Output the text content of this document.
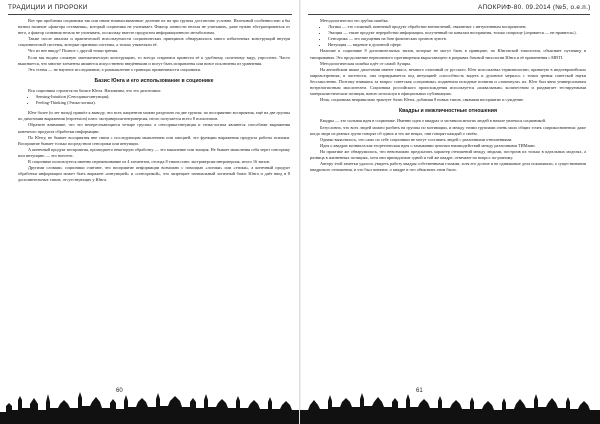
ТРАДИЦИИ И ПРОРОКИ

Вот три проблемы соционики так или иначе взаимосвязанные: деление их на три группы достаточно условно. Излечивой особенностью я бы назвал наличие «фактора оставания», который соционика не учитывает. Фактор личности нельзя не учитывать, даже нужно абстрагироваться от него, а фактор сознания нельзя не учитывать, поскольку вместе продуктом информационного метаболизма.

Также после анализа и практической используемости соционических принципов обнаружилось много избыточных конструкций внутри соционической системы, которые признаки системы, а только утяжеляли её.

Что из нее ввиду? Полное с другой точки зрения.

Если мы видим сложную математическую конструкцию, то всегда стараемся привести её к удобному, полезному виду, упростить. Часто выясняется, что многие элементы являются искусственно введёнными и могут быть исправлены или вовсе исключены из уравнения.

Эта статья — не научное исследование, а размышление о границах применимости соционики.

Базис Юнга и его использование в соционике

Вся соционика строится на базисе Юнга. Напомним, что это дихотомии:

• Sensing-Intuition (Сенсорика-интуиция);
• Feeling-Thinking (Этика-логика).

Юнг более (и лет назад) пришёл к выводу, что всех пациентов можно разделить на две группы: по восприятию восприятия, ещё на две группы по дихотомии выражения (expression) плюс экстраверсия-интроверсия, итого получается всего 8 психотипов.

Обратите внимание, что это непересекающиеся четыре группы: а сенсорика-интуиция и этика-логика являются способами выражения конечного продукта обработки информации.

По Юнгу, не бывает восприятия вне связи с последующим мышлением или эмоцией, это функции выражения продукта работы психики. Восприятие бывает только посредством сенсорики или интуиции.

А конечный продукт восприятия, прошедшего некоторую обработку — это мышление или эмоция. Не бывает мышления себя через сенсорику или интуицию — это нонсенс.

В соционике используется именно перемешивание из 4 элементов, отсюда 8 типов плюс экстраверсия-интроверсия, итого 16 типов.

Другими словами, соционики считают, что восприятие информации возможно с помощью «логики» или «этики», а конечный продукт обработки информации может быть выражен «интуицией» и «сенсорикой», что запрещает изначальный логичный базис Юнга и даёт ввод в 8 дополнительных типов, отсутствующих у Юнга.

60
АПОКРИФ-80. 09.2014 (№5, о.е.п.)

Методологически это грубая ошибка.

• Логика — это сложный, конечный продукт обработки впечатлений, связанных с интуитивным восприятием.
• Эмоция — такие продукт переработки информации, полученный по каналам восприятия, только попроще («нравится — не нравится»).
• Сенсорика — это ощущения на базе физических органов чувств.
• Интуиция — видение в духовной сфере.

Наличие в соционике 8 дополнительных типов, которые не могут быть в принципе, по Юнговской типологии, объясняет путаницу в типировании. Это продолжение нерешаемого противоречия вырастающего в разрывах базовой типологии Юнга и её применения с МВТI.

Методологическая ошибка идёт от самой Аушры.

На английском языке дихотомии имеют смысл, немного отличный от русского. Юнг использовал терминологию, принятую в индоевропейских мировоззрениях, в частности, она оправдывается под интуицией «способность видеть и духовное мерило» с точки зрения советской науки бессмысленно. Поэтому взявшись за вопрос советская «соционика» подменила исходные понятия и «запахнула» их. Юнг был явно универсальным нотрелигиозным мыслителем. Соционика российского происхождения используется «шквальным» количеством и раздвигает тестируемыми материалистические позиции, вовсю используя в официальных публикациях.

Итак, соционика неправильно трактует базис Юнга, добавляя 8 новых типов, связывая восприятие и суждение.

Квадры и межличностные отношения

Квадры — это сильная идея в соционике. Именно идея о квадрах и заставила многих людей в начале увлечься соционикой.

Безусловно, что всех людей можно разбить на группы по мотивации, и между этими группами очень мало общих точек соприкосновения: даже когда люди из разных групп говорят об одних и тех же вещах, они говорят каждый о своём.

Однако выяснилось, что само по себе соционики не могут составить людей с различными отношениями.

Идея о квадрах возникла как теоретическая идея о замыкании цепочки взаимодействий между различными ТИМами.

На практике же обнаружилось, что невозможно предсказать характер отношений между людьми, построив их только в идеальных моделях, а разница в жизненных позициях, хотя они принадлежат одной и той же квадре, отвечают на вопрос по-разному.

Автору этой заметки удалось увидеть работу квадры собственными глазами, хотя его долгие и не одинаковые дела показывали, о существовании квадрового отношения, и что был понятие, о квадре и что объяснить этим было.

61
